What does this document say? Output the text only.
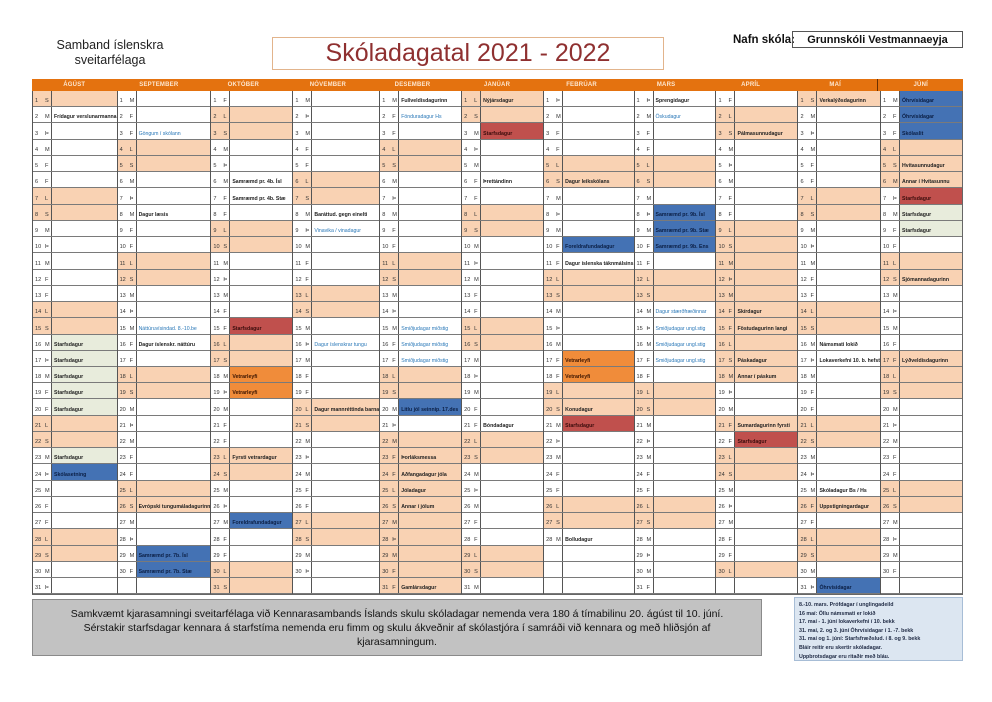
Samband íslenskra sveitarfélaga	Skóladagatal 2021 - 2022	Nafn skóla:	Grunnskóli Vestmannaeyja
ÁGÚST	SEPTEMBER	OKTÓBER	NÓVEMBER	DESEMBER	JANÚAR	FEBRÚAR	MARS	APRÍL	MAÍ	JÚNÍ
1	S
2	M Frídagur verslunarmanna
3	Þ
4	M
5	F
6	F
7	L
8	S
9	M
10 Þ
11 M
12 F
13 F
14 L
15 S
16 M Starfsdagur
17 Þ	Starfsdagur
18 M Starfsdagur
19 F	Starfsdagur
20 F	Starfsdagur
21 L
22 S
23 M Starfsdagur
24 Þ	Skólasetning
25 M
26 F
27 F
28 L
29 S
30 M
31 Þ
1	M
2	F
3	F	Göngum í skólann
4	L
5	S
6	M
7	Þ
8	M Dagur læsis
9	F
10 F
11 L
12 S
13 M
14 Þ
15 M Náttúruvísindad. 8.-10.be
16 F	Dagur íslenskr. náttúru
17 F
18 L
19 S
20 M
21 Þ
22 M
23 F
24 F
25 L
26 S	Evrópski tungumáladagurinn
27 M
28 Þ
29 M Samræmd pr. 7b. Ísl
30 F	Samræmd pr. 7b. Stæ
1	F
2	L
3	S
4	M
5	Þ
6	M Samræmd pr. 4b. Ísl
7	F	Samræmd pr. 4b. Stæ
8	F
9	L
10 S
11 M
12 Þ
13 M
14 F
15 F	Starfsdagur
16 L
17 S
18 M Vetrarleyfi
19 Þ	Vetrarleyfi
20 M
21 F
22 F
23 L	Fyrsti vetrardagur
24 S
25 M
26 Þ
27 M Foreldrafundadagur
28 F
29 F
30 L
31 S
1	M
2	Þ
3	M
4	F
5	F
6	L
7	S
8	M Baráttud. gegn einelti
9	Þ	Vinavika / vinadagur
10 M
11 F
12 F
13 L
14 S
15 M
16 Þ	Dagur íslenskrar tungu
17 M
18 F
19 F
20 L	Dagur mannréttinda barna
21 S
22 M
23 Þ
24 M
25 F
26 F
27 L
28 S
29 M
30 Þ
1	M Fullveldisdagurinn
2	F	Fönduradagur Hs
3	F
4	L
5	S
6	M
7	Þ
8	M
9	F
10 F
11 L
12 S
13 M
14 Þ
15 M Smiðjudagar miðstig
16 F	Smiðjudagar miðstig
17 F	Smiðjudagar miðstig
18 L
19 S
20 M Litlu jól seinnip. 17.des
21 Þ
22 M
23 F	Þorláksmessa
24 F	Aðfangadagur jóla
25 L	Jóladagur
26 S	Annar í jólum
27 M
28 Þ
29 M
30 F
31 F	Gamlársdagur
1	L	Nýjársdagur
2	S
3	M Starfsdagur
4	Þ
5	M
6	F	Þrettándinn
7	F
8	L
9	S
10 M
11 Þ
12 M
13 F
14 F
15 L
16 S
17 M
18 Þ
19 M
20 F
21 F	Bóndadagur
22 L
23 S
24 M
25 Þ
26 M
27 F
28 F
29 L
30 S
31 M
1	Þ
2	M
3	F
4	F
5	L
6	S	Dagur leikskólans
7	M
8	Þ
9	M
10 F	Foreldrafundadagur
11 F	Dagur íslenska táknmálsins
12 L
13 S
14 M
15 Þ
16 M
17 F	Vetrarleyfi
18 F	Vetrarleyfi
19 L
20 S	Konudagur
21 M Starfsdagur
22 Þ
23 M
24 F
25 F
26 L
27 S
28 M Bolludagur
1	Þ	Sprengidagur
2	M Öskudagur
3	F
4	F
5	L
6	S
7	M
8	Þ	Samræmd pr. 9b. Ísl
9	M Samræmd pr. 9b. Stæ
10 F	Samræmd pr. 9b. Ens
11 F
12 L
13 S
14 M Dagur stærðfræðinnar
15 Þ	Smiðjudagar ungl.stig
16 M Smiðjudagar ungl.stig
17 F	Smiðjudagar ungl.stig
18 F
19 L
20 S
21 M
22 Þ
23 M
24 F
25 F
26 L
27 S
28 M
29 Þ
30 M
31 F
1	F
2	L
3	S	Pálmasunnudagur
4	M
5	Þ
6	M
7	F
8	F
9	L
10 S
11 M
12 Þ
13 M
14 F	Skírdagur
15 F	Föstudagurinn langi
16 L
17 S	Páskadagur
18 M Annar í páskum
19 Þ
20 M
21 F	Sumardagurinn fyrsti
22 F	Starfsdagur
23 L
24 S
25 M
26 Þ
27 M
28 F
29 F
30 L
1	S	Verkalýðsdagurinn
2	M
3	Þ
4	M
5	F
6	F
7	L
8	S
9	M
10 Þ
11 M
12 F
13 F
14 L
15 S
16 M Námsmati lokið
17 Þ	Lokaverkefni 10. b. hefst
18 M
19 F
20 F
21 L
22 S
23 M
24 Þ
25 M Skóladagur Bs / Hs
26 F	Uppstigningardagur
27 F
28 L
29 S
30 M
31 Þ	Óhrvísidagar
1	M Óhrvísidagar
2	F	Óhrvísidagar
3	F	Skólaslit
4	L
5	S	Hvítasunnudagur
6	M Annar í Hvítasunnu
7	Þ	Starfsdagur
8	M Starfsdagur
9	F	Starfsdagur
10 F
11 L
12 S	Sjómannadagurinn
13 M
14 Þ
15 M
16 F
17 F	Lýðveldisdagurinn
18 L
19 S
20 M
21 Þ
22 M
23 F
24 F
25 L
26 S
27 M
28 Þ
29 M
30 F
Samkvæmt kjarasamningi sveitarfélaga við Kennarasambands Íslands skulu skóladagar nemenda vera 180 á tímabilinu 20. ágúst til 10. júní. Sérstakir starfsdagar kennara á starfstíma nemenda eru fimm og skulu ákveðnir af skólastjóra í samráði við kennara og með hliðsjón af kjarasamningum.
8.-10. mars. Prófdagar í unglingadeild
16 maí: Öllu námsmati er lokið
17. maí - 1. júní lokaverkefni í 10. bekk
31. maí, 2. og 3. júní Óhrvísidagar í 1. -7. bekk
31. maí og 1. júní: Starfsfræðslud. í 8. og 9. bekk
Bláir reitir eru skertir skóladagar.
Uppbrotsdagar eru ritaðir með bláu.
